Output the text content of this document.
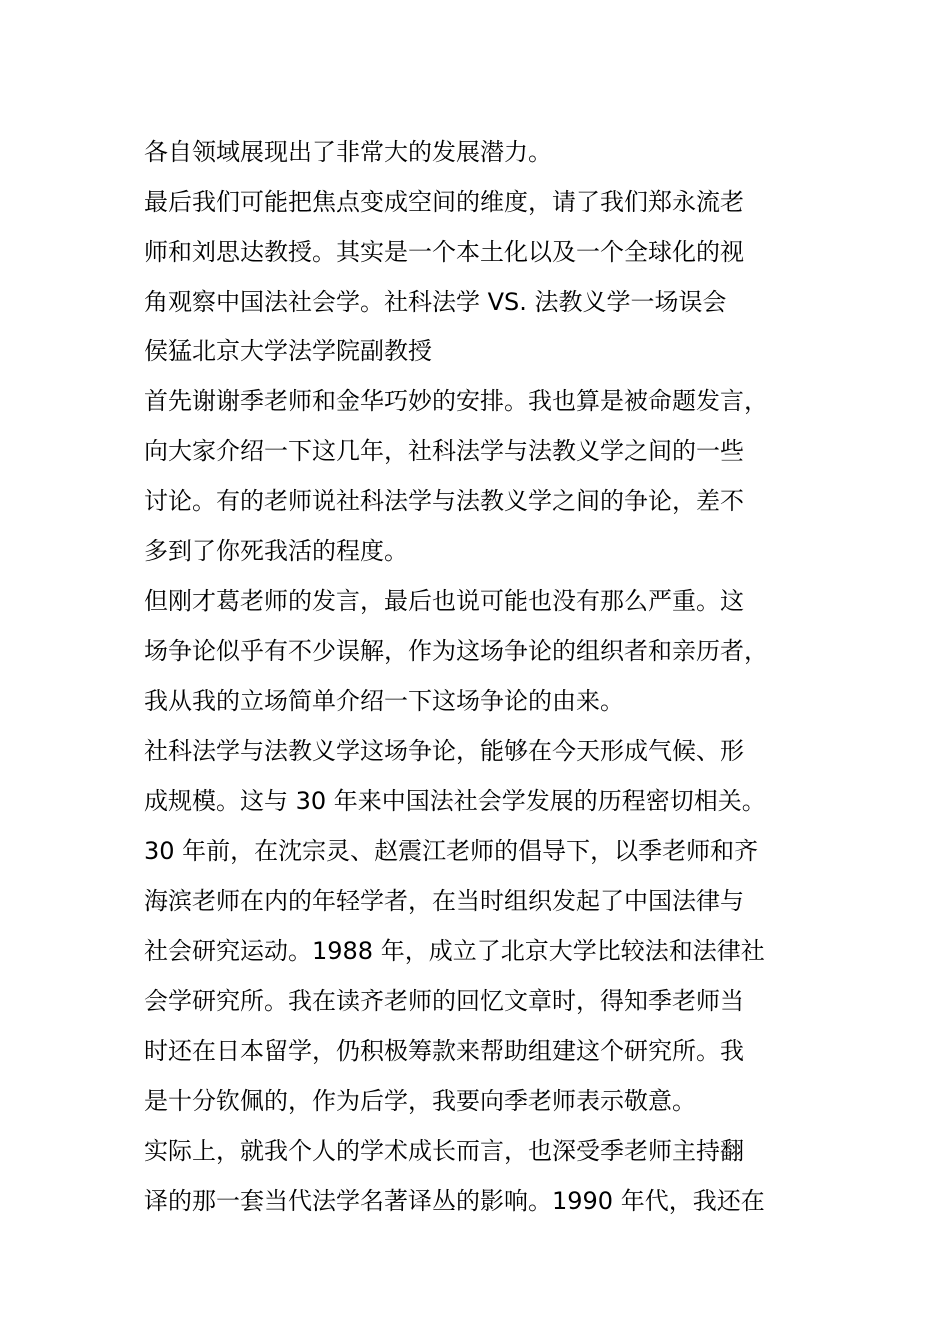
各自领域展现出了非常大的发展潜力。
最后我们可能把焦点变成空间的维度，请了我们郑永流老
师和刘思达教授。其实是一个本土化以及一个全球化的视
角观察中国法社会学。社科法学 VS. 法教义学一场误会
侯猛北京大学法学院副教授
首先谢谢季老师和金华巧妙的安排。我也算是被命题发言，
向大家介绍一下这几年，社科法学与法教义学之间的一些
讨论。有的老师说社科法学与法教义学之间的争论，差不
多到了你死我活的程度。
但刚才葛老师的发言，最后也说可能也没有那么严重。这
场争论似乎有不少误解，作为这场争论的组织者和亲历者，
我从我的立场简单介绍一下这场争论的由来。
社科法学与法教义学这场争论，能够在今天形成气候、形
成规模。这与 30 年来中国法社会学发展的历程密切相关。
30 年前，在沈宗灵、赵震江老师的倡导下，以季老师和齐
海滨老师在内的年轻学者，在当时组织发起了中国法律与
社会研究运动。1988 年，成立了北京大学比较法和法律社
会学研究所。我在读齐老师的回忆文章时，得知季老师当
时还在日本留学，仍积极筹款来帮助组建这个研究所。我
是十分钦佩的，作为后学，我要向季老师表示敬意。
实际上，就我个人的学术成长而言，也深受季老师主持翻
译的那一套当代法学名著译丛的影响。1990 年代，我还在
